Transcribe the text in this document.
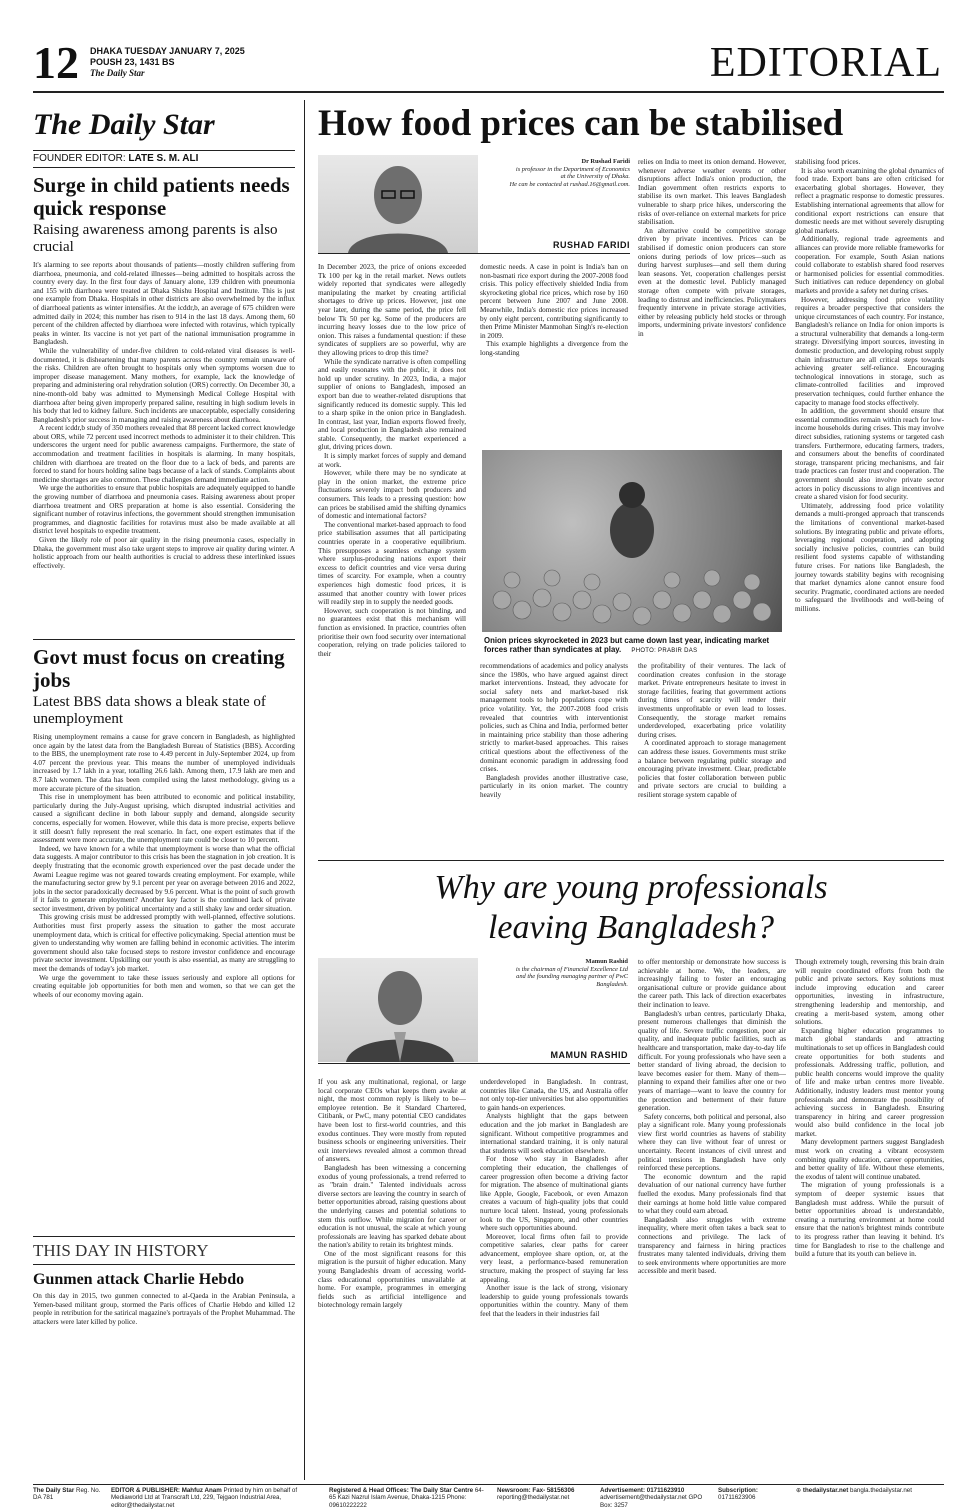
12 DHAKA TUESDAY JANUARY 7, 2025
POUSH 23, 1431 BS
The Daily Star	EDITORIAL
The Daily Star
FOUNDER EDITOR: LATE S. M. ALI
Surge in child patients needs quick response
Raising awareness among parents is also crucial

It's alarming to see reports about thousands of patients—mostly children suffering from diarrhoea, pneumonia, and cold-related illnesses—being admitted to hospitals across the country every day. In the first four days of January alone, 139 children with pneumonia and 155 with diarrhoea were treated at Dhaka Shishu Hospital and Institute. This is just one example from Dhaka. Hospitals in other districts are also overwhelmed by the influx of diarrhoeal patients as winter intensifies. At the icddr,b, an average of 675 children were admitted daily in 2024; this number has risen to 914 in the last 18 days. Among them, 60 percent of the children affected by diarrhoea were infected with rotavirus, which typically peaks in winter. Its vaccine is not yet part of the national immunisation programme in Bangladesh.

While the vulnerability of under-five children to cold-related viral diseases is well-documented, it is disheartening that many parents across the country remain unaware of the risks. Children are often brought to hospitals only when symptoms worsen due to improper disease management. Many mothers, for example, lack the knowledge of preparing and administering oral rehydration solution (ORS) correctly. On December 30, a nine-month-old baby was admitted to Mymensingh Medical College Hospital with diarrhoea after being given improperly prepared saline, resulting in high sodium levels in his body that led to kidney failure. Such incidents are unacceptable, especially considering Bangladesh's prior success in managing and raising awareness about diarrhoea.

A recent icddr,b study of 350 mothers revealed that 88 percent lacked correct knowledge about ORS, while 72 percent used incorrect methods to administer it to their children. This underscores the urgent need for public awareness campaigns. Furthermore, the state of accommodation and treatment facilities in hospitals is alarming. In many hospitals, children with diarrhoea are treated on the floor due to a lack of beds, and parents are forced to stand for hours holding saline bags because of a lack of stands. Complaints about medicine shortages are also common. These challenges demand immediate action.

We urge the authorities to ensure that public hospitals are adequately equipped to handle the growing number of diarrhoea and pneumonia cases. Raising awareness about proper diarrhoea treatment and ORS preparation at home is also essential. Considering the significant number of rotavirus infections, the government should strengthen immunisation programmes, and diagnostic facilities for rotavirus must also be made available at all district level hospitals to expedite treatment.

Given the likely role of poor air quality in the rising pneumonia cases, especially in Dhaka, the government must also take urgent steps to improve air quality during winter. A holistic approach from our health authorities is crucial to address these interlinked issues effectively.

Govt must focus on creating jobs
Latest BBS data shows a bleak state of unemployment

Rising unemployment remains a cause for grave concern in Bangladesh, as highlighted once again by the latest data from the Bangladesh Bureau of Statistics (BBS). According to the BBS, the unemployment rate rose to 4.49 percent in July-September 2024, up from 4.07 percent the previous year. This means the number of unemployed individuals increased by 1.7 lakh in a year, totalling 26.6 lakh. Among them, 17.9 lakh are men and 8.7 lakh women. The data has been compiled using the latest methodology, giving us a more accurate picture of the situation.

This rise in unemployment has been attributed to economic and political instability, particularly during the July-August uprising, which disrupted industrial activities and caused a significant decline in both labour supply and demand, alongside security concerns, especially for women. However, while this data is more precise, experts believe it still doesn't fully represent the real scenario. In fact, one expert estimates that if the assessment were more accurate, the unemployment rate could be closer to 10 percent.

Indeed, we have known for a while that unemployment is worse than what the official data suggests. A major contributor to this crisis has been the stagnation in job creation. It is deeply frustrating that the economic growth experienced over the past decade under the Awami League regime was not geared towards creating employment. For example, while the manufacturing sector grew by 9.1 percent per year on average between 2016 and 2022, jobs in the sector paradoxically decreased by 9.6 percent. What is the point of such growth if it fails to generate employment? Another key factor is the continued lack of private sector investment, driven by political uncertainty and a still shaky law and order situation.

This growing crisis must be addressed promptly with well-planned, effective solutions. Authorities must first properly assess the situation to gather the most accurate unemployment data, which is critical for effective policymaking. Special attention must be given to understanding why women are falling behind in economic activities. The interim government should also take focused steps to restore investor confidence and encourage private sector investment. Upskilling our youth is also essential, as many are struggling to meet the demands of today's job market.

We urge the government to take these issues seriously and explore all options for creating equitable job opportunities for both men and women, so that we can get the wheels of our economy moving again.

THIS DAY IN HISTORY
Gunmen attack Charlie Hebdo
On this day in 2015, two gunmen connected to al-Qaeda in the Arabian Peninsula, a Yemen-based militant group, stormed the Paris offices of Charlie Hebdo and killed 12 people in retribution for the satirical magazine's portrayals of the Prophet Muhammad. The attackers were later killed by police.
How food prices can be stabilised
Dr Rushad Faridi
is professor in the Department of Economics
at the University of Dhaka.
He can be contacted at rushad.16@gmail.com.
RUSHAD FARIDI

In December 2023, the price of onions exceeded Tk 100 per kg in the retail market. News outlets widely reported that syndicates were allegedly manipulating the market by creating artificial shortages to drive up prices. However, just one year later, during the same period, the price fell below Tk 50 per kg. Some of the producers are incurring heavy losses due to the low price of onion. This raises a fundamental question: if these syndicates of suppliers are so powerful, why are they allowing prices to drop this time?

While the syndicate narrative is often compelling and easily resonates with the public, it does not hold up under scrutiny. In 2023, India, a major supplier of onions to Bangladesh, imposed an export ban due to weather-related disruptions that significantly reduced its domestic supply. This led to a sharp spike in the onion price in Bangladesh. In contrast, last year, Indian exports flowed freely, and local production in Bangladesh also remained stable. Consequently, the market experienced a glut, driving prices down.

It is simply market forces of supply and demand at work.

However, while there may be no syndicate at play in the onion market, the extreme price fluctuations severely impact both producers and consumers. This leads to a pressing question: how can prices be stabilised amid the shifting dynamics of domestic and international factors?

The conventional market-based approach to food price stabilisation assumes that all participating countries operate in a cooperative equilibrium. This presupposes a seamless exchange system where surplus-producing nations export their excess to deficit countries and vice versa during times of scarcity. For example, when a country experiences high domestic food prices, it is assumed that another country with lower prices will readily step in to supply the needed goods.

However, such cooperation is not binding, and no guarantees exist that this mechanism will function as envisioned. In practice, countries often prioritise their own food security over international cooperation, relying on trade policies tailored to their

domestic needs. A case in point is India's ban on non-basmati rice export during the 2007-2008 food crisis. This policy effectively shielded India from skyrocketing global rice prices, which rose by 160 percent between June 2007 and June 2008. Meanwhile, India's domestic rice prices increased by only eight percent, contributing significantly to then Prime Minister Manmohan Singh's re-election in 2009.

This example highlights a divergence from the long-standing

relies on India to meet its onion demand. However, whenever adverse weather events or other disruptions affect India's onion production, the Indian government often restricts exports to stabilise its own market. This leaves Bangladesh vulnerable to sharp price hikes, underscoring the risks of over-reliance on external markets for price stabilisation.

An alternative could be competitive storage driven by private incentives. Prices can be stabilised if domestic onion producers can store onions during periods of low prices—such as during harvest surpluses—and sell them during lean seasons. Yet, cooperation challenges persist even at the domestic level. Publicly managed storage often compete with private storages, leading to distrust and inefficiencies. Policymakers frequently intervene in private storage activities, either by releasing publicly held stocks or through imports, undermining private investors' confidence in

Onion prices skyrocketed in 2023 but came down last year, indicating market forces rather than syndicates at play. PHOTO: PRABIR DAS

recommendations of academics and policy analysts since the 1980s, who have argued against direct market interventions. Instead, they advocate for social safety nets and market-based risk management tools to help populations cope with price volatility. Yet, the 2007-2008 food crisis revealed that countries with interventionist policies, such as China and India, performed better in maintaining price stability than those adhering strictly to market-based approaches. This raises critical questions about the effectiveness of the dominant economic paradigm in addressing food crises.

Bangladesh provides another illustrative case, particularly in its onion market. The country heavily

the profitability of their ventures. The lack of coordination creates confusion in the storage market. Private entrepreneurs hesitate to invest in storage facilities, fearing that government actions during times of scarcity will render their investments unprofitable or even lead to losses. Consequently, the storage market remains underdeveloped, exacerbating price volatility during crises.

A coordinated approach to storage management can address these issues. Governments must strike a balance between regulating public storage and encouraging private investment. Clear, predictable policies that foster collaboration between public and private sectors are crucial to building a resilient storage system capable of

stabilising food prices.

It is also worth examining the global dynamics of food trade. Export bans are often criticised for exacerbating global shortages. However, they reflect a pragmatic response to domestic pressures. Establishing international agreements that allow for conditional export restrictions can ensure that domestic needs are met without severely disrupting global markets.

Additionally, regional trade agreements and alliances can provide more reliable frameworks for cooperation. For example, South Asian nations could collaborate to establish shared food reserves or harmonised policies for essential commodities. Such initiatives can reduce dependency on global markets and provide a safety net during crises.

However, addressing food price volatility requires a broader perspective that considers the unique circumstances of each country. For instance, Bangladesh's reliance on India for onion imports is a structural vulnerability that demands a long-term strategy. Diversifying import sources, investing in domestic production, and developing robust supply chain infrastructure are all critical steps towards achieving greater self-reliance. Encouraging technological innovations in storage, such as climate-controlled facilities and improved preservation techniques, could further enhance the capacity to manage food stocks effectively.

In addition, the government should ensure that essential commodities remain within reach for low-income households during crises. This may involve direct subsidies, rationing systems or targeted cash transfers. Furthermore, educating farmers, traders, and consumers about the benefits of coordinated storage, transparent pricing mechanisms, and fair trade practices can foster trust and cooperation. The government should also involve private sector actors in policy discussions to align incentives and create a shared vision for food security.

Ultimately, addressing food price volatility demands a multi-pronged approach that transcends the limitations of conventional market-based solutions. By integrating public and private efforts, leveraging regional cooperation, and adopting socially inclusive policies, countries can build resilient food systems capable of withstanding future crises. For nations like Bangladesh, the journey towards stability begins with recognising that market dynamics alone cannot ensure food security. Pragmatic, coordinated actions are needed to safeguard the livelihoods and well-being of millions.

Why are young professionals
leaving Bangladesh?
Mamun Rashid
is the chairman of Financial Excellence Ltd
and the founding managing partner of PwC
Bangladesh.
MAMUN RASHID

If you ask any multinational, regional, or large local corporate CEOs what keeps them awake at night, the most common reply is likely to be—employee retention. Be it Standard Chartered, Citibank, or PwC, many potential CEO candidates have been lost to first-world countries, and this exodus continues. They were mostly from reputed business schools or engineering universities. Their exit interviews revealed almost a common thread of answers.

Bangladesh has been witnessing a concerning exodus of young professionals, a trend referred to as "brain drain." Talented individuals across diverse sectors are leaving the country in search of better opportunities abroad, raising questions about the underlying causes and potential solutions to stem this outflow. While migration for career or education is not unusual, the scale at which young professionals are leaving has sparked debate about the nation's ability to retain its brightest minds.

One of the most significant reasons for this migration is the pursuit of higher education. Many young Bangladeshis dream of accessing world-class educational opportunities unavailable at home. For example, programmes in emerging fields such as artificial intelligence and biotechnology remain largely

underdeveloped in Bangladesh. In contrast, countries like Canada, the US, and Australia offer not only top-tier universities but also opportunities to gain hands-on experiences.

Analysts highlight that the gaps between education and the job market in Bangladesh are significant. Without competitive programmes and international standard training, it is only natural that students will seek education elsewhere.

For those who stay in Bangladesh after completing their education, the challenges of career progression often become a driving factor for migration. The absence of multinational giants like Apple, Google, Facebook, or even Amazon creates a vacuum of high-quality jobs that could nurture local talent. Instead, young professionals look to the US, Singapore, and other countries where such opportunities abound.

Moreover, local firms often fail to provide competitive salaries, clear paths for career advancement, employee share option, or, at the very least, a performance-based remuneration structure, making the prospect of staying far less appealing.

Another issue is the lack of strong, visionary leadership to guide young professionals towards opportunities within the country. Many of them feel that the leaders in their industries fail

to offer mentorship or demonstrate how success is achievable at home. We, the leaders, are increasingly failing to foster an encouraging organisational culture or provide guidance about the career path. This lack of direction exacerbates their inclination to leave.

Bangladesh's urban centres, particularly Dhaka, present numerous challenges that diminish the quality of life. Severe traffic congestion, poor air quality, and inadequate public facilities, such as healthcare and transportation, make day-to-day life difficult. For young professionals who have seen a better standard of living abroad, the decision to leave becomes easier for them. Many of them—planning to expand their families after one or two years of marriage—want to leave the country for the protection and betterment of their future generation.

Safety concerns, both political and personal, also play a significant role. Many young professionals view first world countries as havens of stability where they can live without fear of unrest or uncertainty. Recent instances of civil unrest and political tensions in Bangladesh have only reinforced these perceptions.

The economic downturn and the rapid devaluation of our national currency have further fuelled the exodus. Many professionals find that their earnings at home hold little value compared to what they could earn abroad.

Bangladesh also struggles with extreme inequality, where merit often takes a back seat to connections and privilege. The lack of transparency and fairness in hiring practices frustrates many talented individuals, driving them to seek environments where opportunities are more accessible and merit based.

Though extremely tough, reversing this brain drain will require coordinated efforts from both the public and private sectors. Key solutions must include improving education and career opportunities, investing in infrastructure, strengthening leadership and mentorship, and creating a merit-based system, among other solutions.

Expanding higher education programmes to match global standards and attracting multinationals to set up offices in Bangladesh could create opportunities for both students and professionals. Addressing traffic, pollution, and public health concerns would improve the quality of life and make urban centres more liveable. Additionally, industry leaders must mentor young professionals and demonstrate the possibility of achieving success in Bangladesh. Ensuring transparency in hiring and career progression would also build confidence in the local job market.

Many development partners suggest Bangladesh must work on creating a vibrant ecosystem combining quality education, career opportunities, and better quality of life. Without these elements, the exodus of talent will continue unabated.

The migration of young professionals is a symptom of deeper systemic issues that Bangladesh must address. While the pursuit of better opportunities abroad is understandable, creating a nurturing environment at home could ensure that the nation's brightest minds contribute to its progress rather than leaving it behind. It's time for Bangladesh to rise to the challenge and build a future that its youth can believe in.

The Daily Star Reg. No. DA 781
EDITOR & PUBLISHER: Mahfuz Anam Printed by him on behalf of Mediaworld Ltd at Transcraft Ltd, 229, Tejgaon Industrial Area, editor@thedailystar.net
Registered & Head Offices: The Daily Star Centre 64-65 Kazi Nazrul Islam Avenue, Dhaka-1215 Phone: 09610222222
Newsroom: Fax- 58156306 reporting@thedailystar.net
Advertisement: 01711623910 advertisement@thedailystar.net GPO Box: 3257
Subscription: 01711623906
⊕ thedailystar.net bangla.thedailystar.net
